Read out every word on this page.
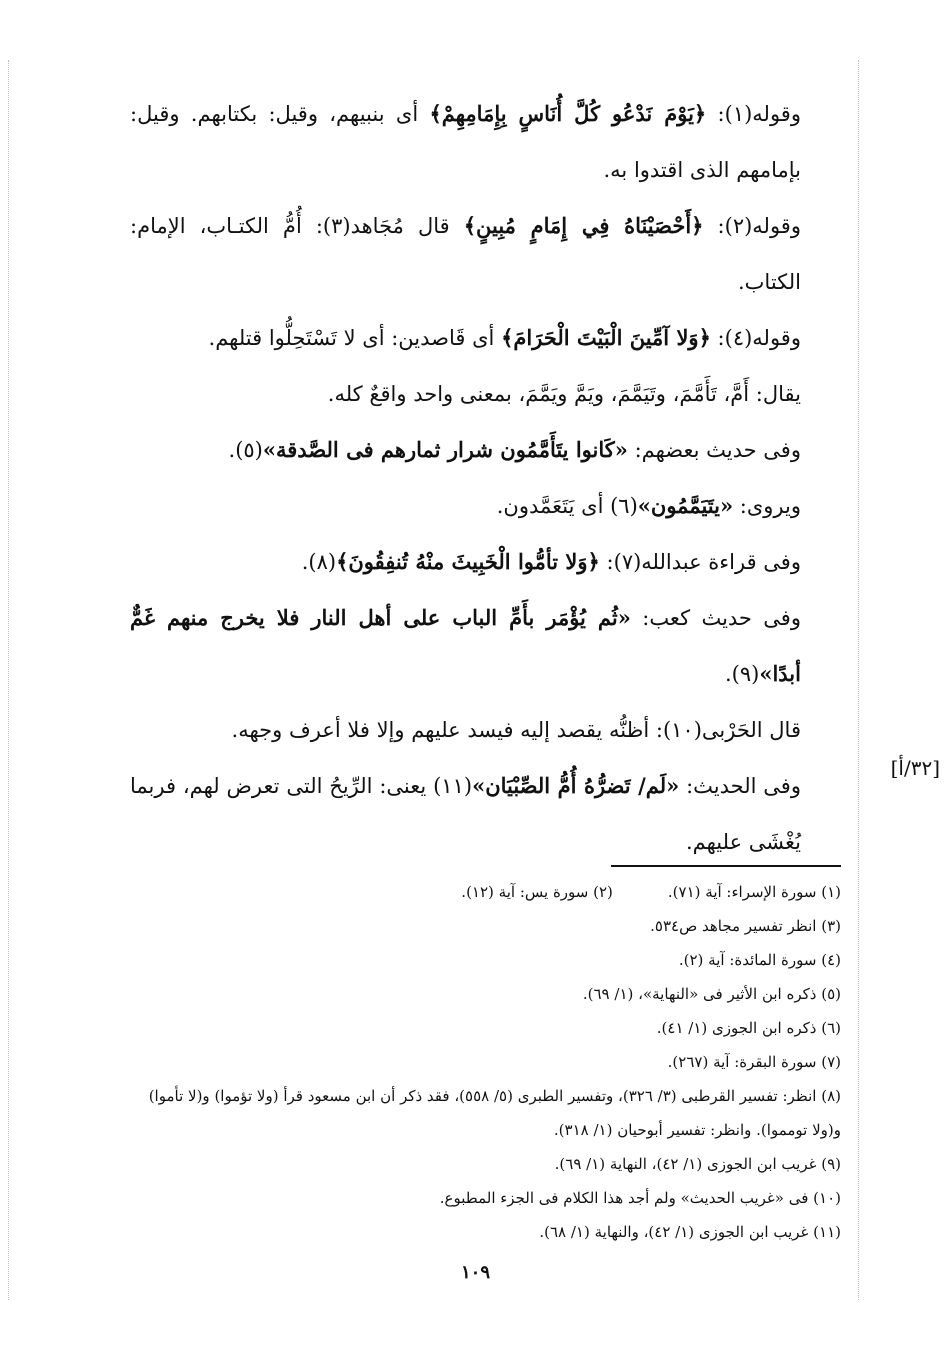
[٣٢/أ]

وقوله(١): ﴿يَوْمَ نَدْعُو كُلَّ أُنَاسٍ بِإِمَامِهِمْ﴾ أى بنبيهم، وقيل: بكتابهم. وقيل: بإمامهم الذى اقتدوا به.

وقوله(٢): ﴿أَحْصَيْنَاهُ فِي إِمَامٍ مُبِينٍ﴾ قال مُجَاهد(٣): أُمُّ الكتـاب، الإمام: الكتاب.

وقوله(٤): ﴿وَلا آمِّينَ الْبَيْتَ الْحَرَامَ﴾ أى قَاصدين: أى لا تَسْتَحِلُّوا قتلهم.

يقال: أَمَّ، تَأَمَّمَ، وتَيَمَّمَ، ويَمَّ ويَمَّمَ، بمعنى واحد واقعٌ كله.

وفى حديث بعضهم: «كَانوا يتَأَمَّمُون شرار ثمارهم فى الصَّدقة»(٥).

ويروى: «يتَيَمَّمُون»(٦) أى يَتَعَمَّدون.

وفى قراءة عبدالله(٧): ﴿وَلا تأمُّوا الْخَبِيثَ منْهُ تُنفِقُونَ﴾(٨).

وفى حديث كعب: «ثُم يُؤْمَر بأَمِّ الباب على أهل النار فلا يخرج منهم غَمٌّ أبدًا»(٩).

قال الحَرْبى(١٠): أظنُّه يقصد إليه فيسد عليهم وإلا فلا أعرف وجهه.

وفى الحديث: «لَم/ تَضرُّهُ أُمُّ الصِّبْيَان»(١١) يعنى: الرِّيحُ التى تعرض لهم، فربما يُغْشَى عليهم.

(١) سورة الإسراء: آية (٧١).(٢) سورة يس: آية (١٢).

(٣) انظر تفسير مجاهد ص٥٣٤.

(٤) سورة المائدة: آية (٢).

(٥) ذكره ابن الأثير فى «النهاية»، (١/ ٦٩).

(٦) ذكره ابن الجوزى (١/ ٤١).

(٧) سورة البقرة: آية (٢٦٧).

(٨) انظر: تفسير القرطبى (٣/ ٣٢٦)، وتفسير الطبرى (٥/ ٥٥٨)، فقد ذكر أن ابن مسعود قرأ (ولا تؤموا) و(لا تأموا) و(ولا تومموا). وانظر: تفسير أبوحيان (١/ ٣١٨).

(٩) غريب ابن الجوزى (١/ ٤٢)، النهاية (١/ ٦٩).

(١٠) فى «غريب الحديث» ولم أجد هذا الكلام فى الجزء المطبوع.

(١١) غريب ابن الجوزى (١/ ٤٢)، والنهاية (١/ ٦٨).

١٠٩
